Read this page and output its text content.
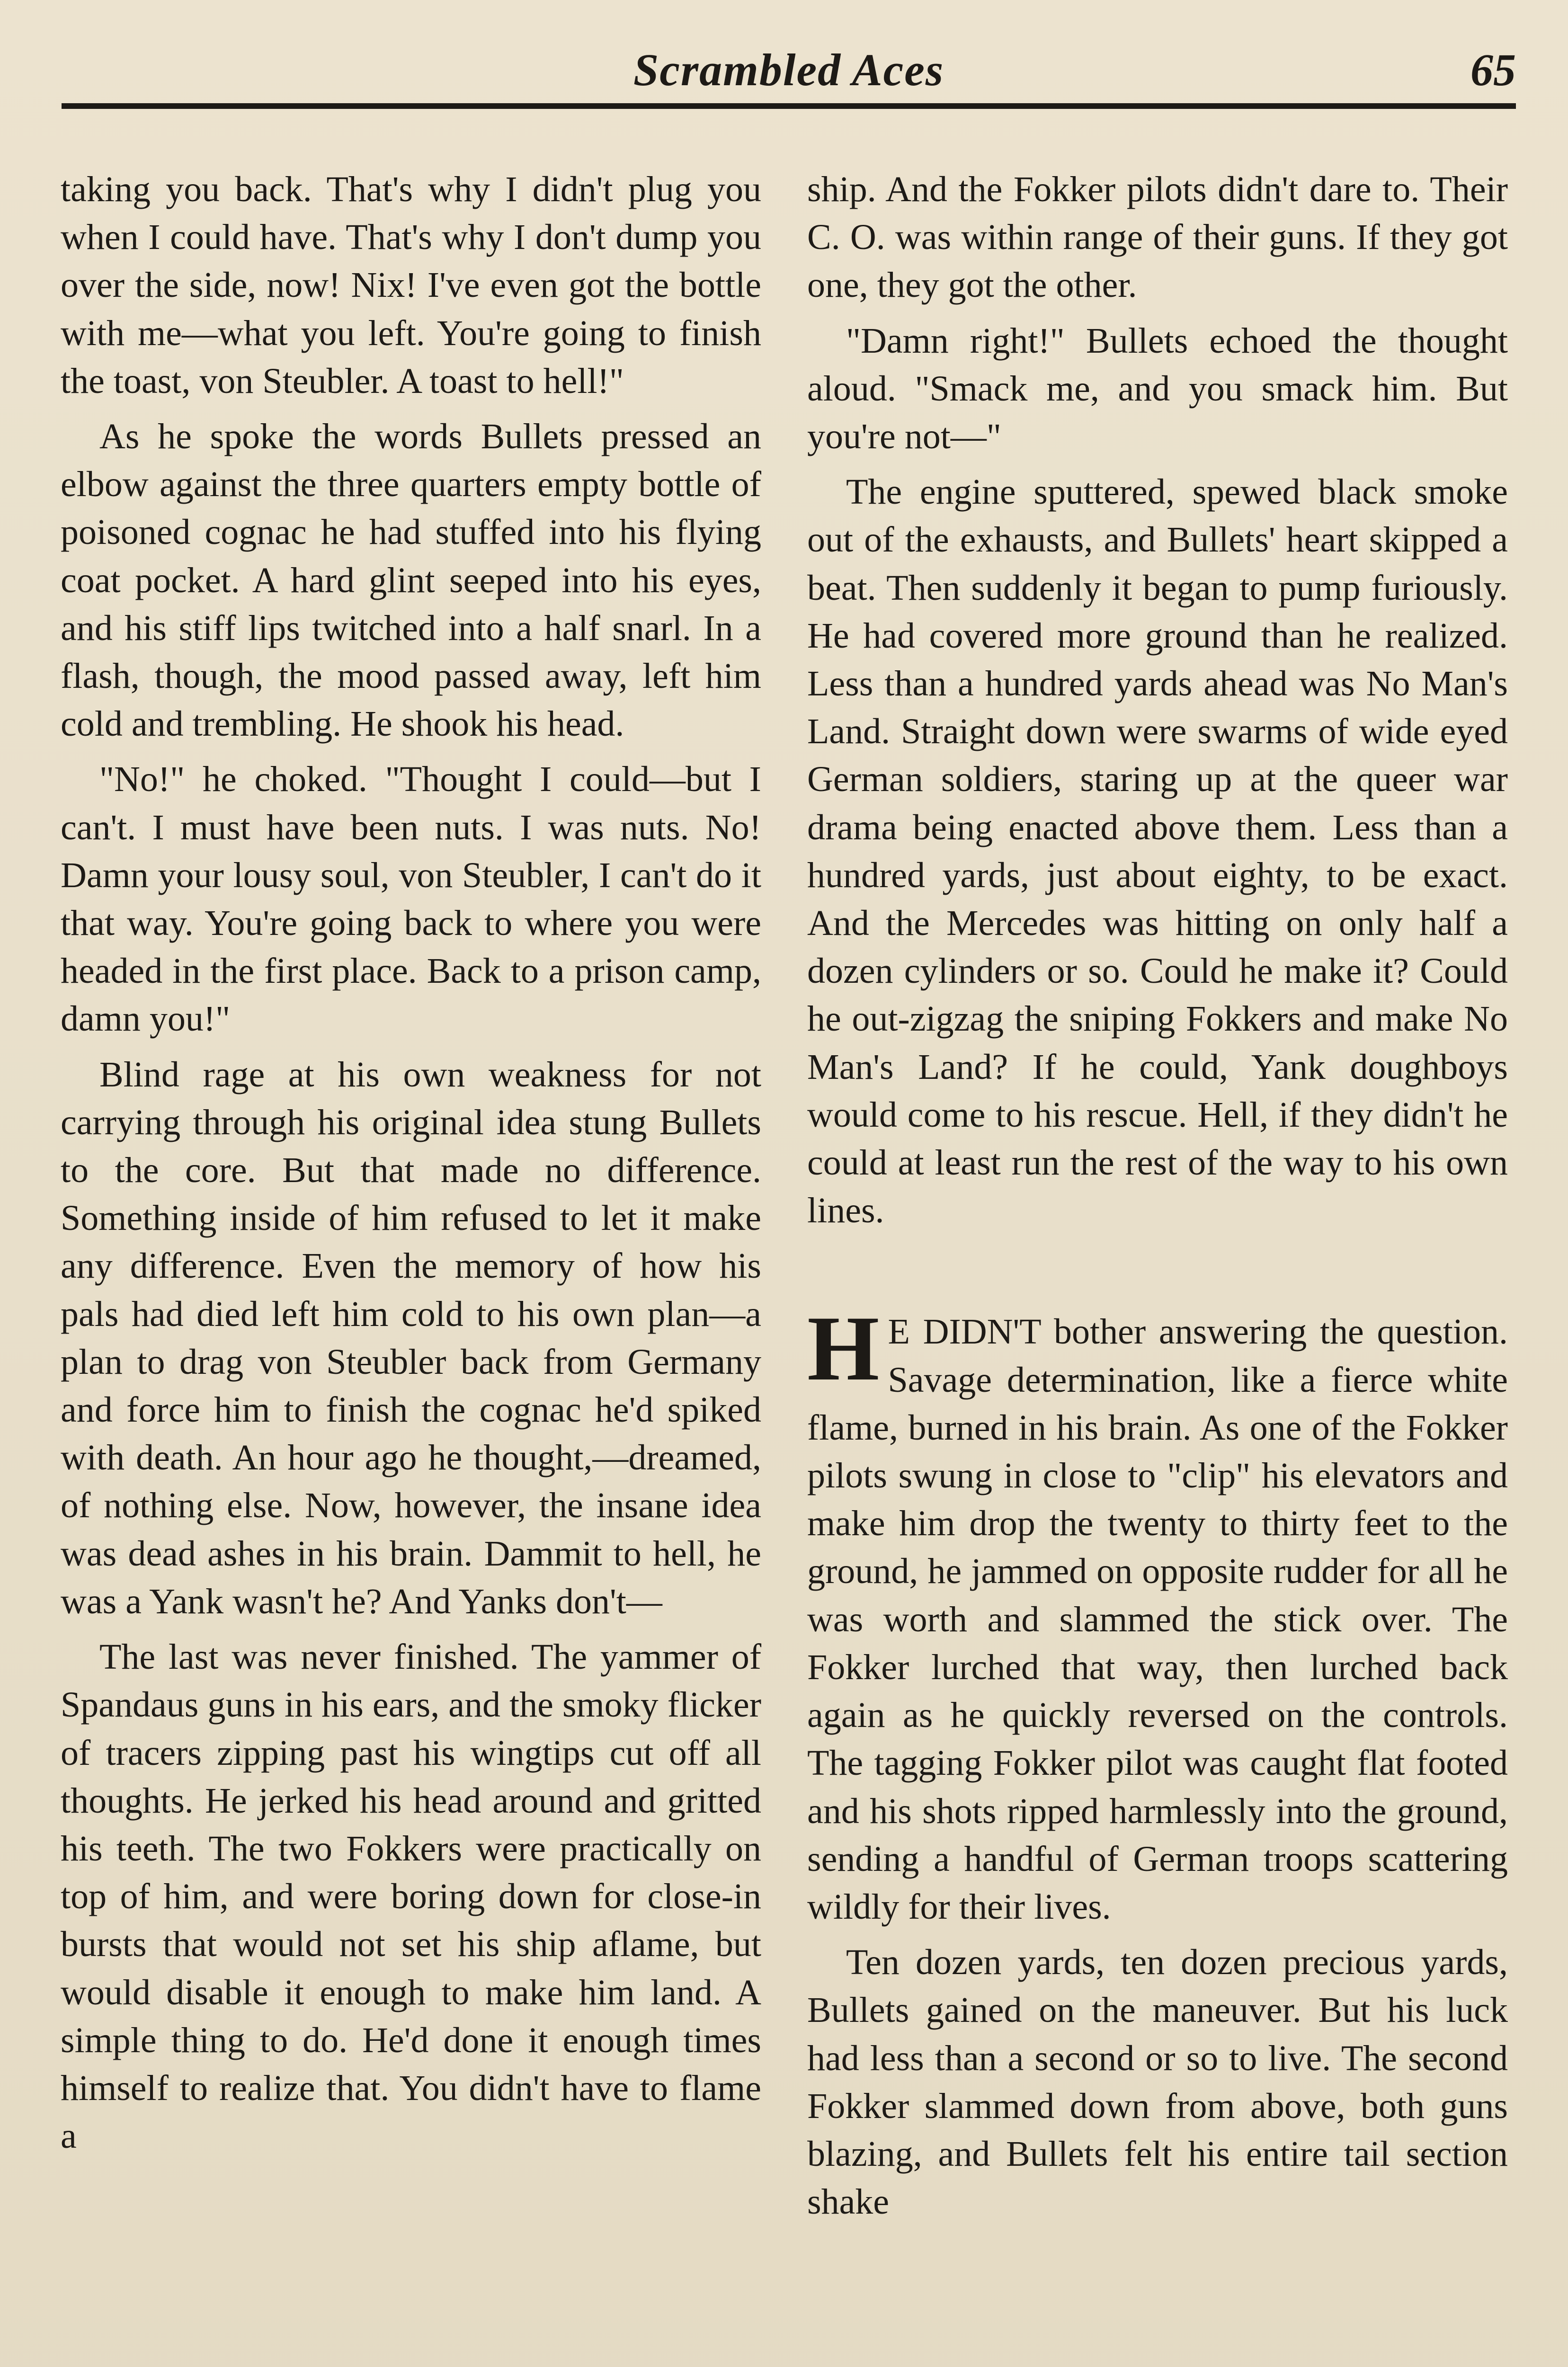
Scrambled Aces	65

taking you back. That's why I didn't plug you when I could have. That's why I don't dump you over the side, now! Nix! I've even got the bottle with me—what you left. You're going to finish the toast, von Steubler. A toast to hell!"

As he spoke the words Bullets pressed an elbow against the three quarters empty bottle of poisoned cognac he had stuffed into his flying coat pocket. A hard glint seeped into his eyes, and his stiff lips twitched into a half snarl. In a flash, though, the mood passed away, left him cold and trembling. He shook his head.

"No!" he choked. "Thought I could—but I can't. I must have been nuts. I was nuts. No! Damn your lousy soul, von Steubler, I can't do it that way. You're going back to where you were headed in the first place. Back to a prison camp, damn you!"

Blind rage at his own weakness for not carrying through his original idea stung Bullets to the core. But that made no difference. Something inside of him refused to let it make any difference. Even the memory of how his pals had died left him cold to his own plan—a plan to drag von Steubler back from Germany and force him to finish the cognac he'd spiked with death. An hour ago he thought,—dreamed, of nothing else. Now, however, the insane idea was dead ashes in his brain. Dammit to hell, he was a Yank wasn't he? And Yanks don't—

The last was never finished. The yammer of Spandaus guns in his ears, and the smoky flicker of tracers zipping past his wingtips cut off all thoughts. He jerked his head around and gritted his teeth. The two Fokkers were practically on top of him, and were boring down for close-in bursts that would not set his ship aflame, but would disable it enough to make him land. A simple thing to do. He'd done it enough times himself to realize that. You didn't have to flame a

ship. And the Fokker pilots didn't dare to. Their C. O. was within range of their guns. If they got one, they got the other.

"Damn right!" Bullets echoed the thought aloud. "Smack me, and you smack him. But you're not—"

The engine sputtered, spewed black smoke out of the exhausts, and Bullets' heart skipped a beat. Then suddenly it began to pump furiously. He had covered more ground than he realized. Less than a hundred yards ahead was No Man's Land. Straight down were swarms of wide eyed German soldiers, staring up at the queer war drama being enacted above them. Less than a hundred yards, just about eighty, to be exact. And the Mercedes was hitting on only half a dozen cylinders or so. Could he make it? Could he out-zigzag the sniping Fokkers and make No Man's Land? If he could, Yank doughboys would come to his rescue. Hell, if they didn't he could at least run the rest of the way to his own lines.

H E DIDN'T bother answering the question. Savage determination, like a fierce white flame, burned in his brain. As one of the Fokker pilots swung in close to "clip" his elevators and make him drop the twenty to thirty feet to the ground, he jammed on opposite rudder for all he was worth and slammed the stick over. The Fokker lurched that way, then lurched back again as he quickly reversed on the controls. The tagging Fokker pilot was caught flat footed and his shots ripped harmlessly into the ground, sending a handful of German troops scattering wildly for their lives.

Ten dozen yards, ten dozen precious yards, Bullets gained on the maneuver. But his luck had less than a second or so to live. The second Fokker slammed down from above, both guns blazing, and Bullets felt his entire tail section shake
